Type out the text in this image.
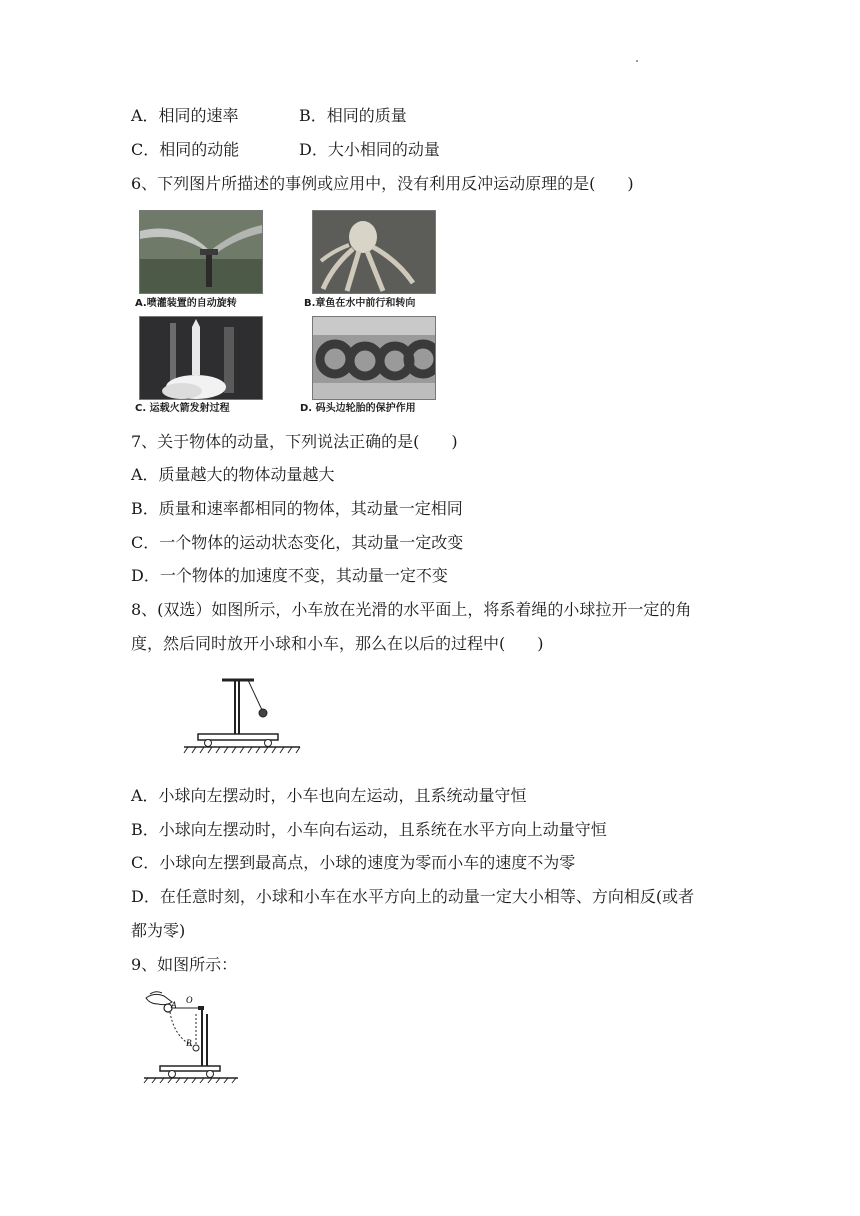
A．相同的速率	B．相同的质量
C．相同的动能	D．大小相同的动量
6、下列图片所描述的事例或应用中，没有利用反冲运动原理的是(　　)
A.喷灌装置的自动旋转	B.章鱼在水中前行和转向
C. 运载火箭发射过程	D. 码头边轮胎的保护作用
7、关于物体的动量，下列说法正确的是(　　)
A．质量越大的物体动量越大
B．质量和速率都相同的物体，其动量一定相同
C．一个物体的运动状态变化，其动量一定改变
D．一个物体的加速度不变，其动量一定不变
8、(双选）如图所示，小车放在光滑的水平面上，将系着绳的小球拉开一定的角
度，然后同时放开小球和小车，那么在以后的过程中(　　)
A．小球向左摆动时，小车也向左运动，且系统动量守恒
B．小球向左摆动时，小车向右运动，且系统在水平方向上动量守恒
C．小球向左摆到最高点，小球的速度为零而小车的速度不为零
D．在任意时刻，小球和小车在水平方向上的动量一定大小相等、方向相反(或者
都为零)
9、如图所示：
A O
B
